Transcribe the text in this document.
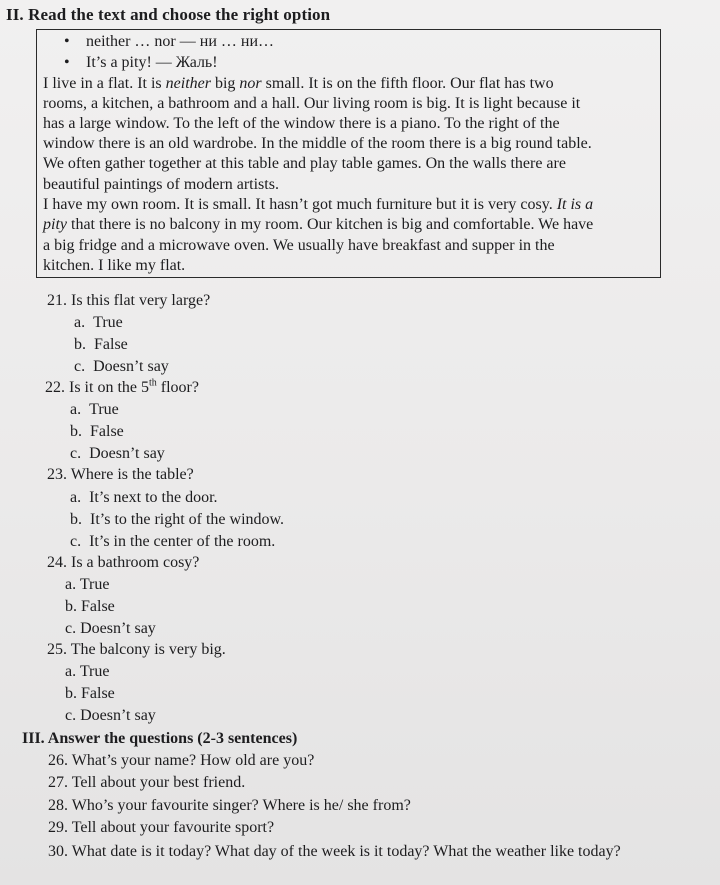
II. Read the text and choose the right option
• neither … nor — ни … ни…
• It’s a pity! — Жаль!
I live in a flat. It is neither big nor small. It is on the fifth floor. Our flat has two
rooms, a kitchen, a bathroom and a hall. Our living room is big. It is light because it
has a large window. To the left of the window there is a piano. To the right of the
window there is an old wardrobe. In the middle of the room there is a big round table.
We often gather together at this table and play table games. On the walls there are
beautiful paintings of modern artists.
I have my own room. It is small. It hasn’t got much furniture but it is very cosy. It is a
pity that there is no balcony in my room. Our kitchen is big and comfortable. We have
a big fridge and a microwave oven. We usually have breakfast and supper in the
kitchen. I like my flat.
21. Is this flat very large?
a.  True
b.  False
c.  Doesn’t say
22. Is it on the 5th floor?
a.  True
b.  False
c.  Doesn’t say
23. Where is the table?
a.  It’s next to the door.
b.  It’s to the right of the window.
c.  It’s in the center of the room.
24. Is a bathroom cosy?
a. True
b. False
c. Doesn’t say
25. The balcony is very big.
a. True
b. False
c. Doesn’t say
III. Answer the questions (2-3 sentences)
26. What’s your name? How old are you?
27. Tell about your best friend.
28. Who’s your favourite singer? Where is he/ she from?
29. Tell about your favourite sport?
30. What date is it today? What day of the week is it today? What the weather like today?
